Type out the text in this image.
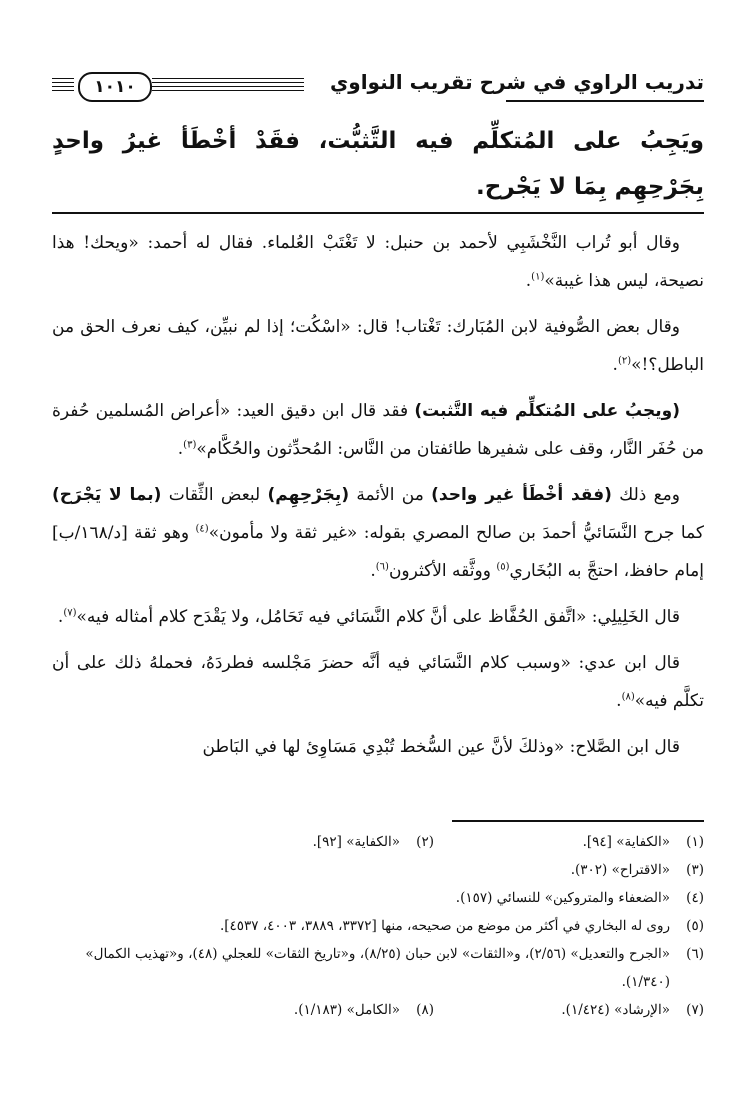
تدريب الراوي في شرح تقريب النواوي
١٠١٠
ويَجِبُ على المُتكلِّم فيه التَّثبُّت، فقَدْ أخْطَأ غيرُ واحدٍ بِجَرْحِهِم بِمَا لا يَجْرح.

وقال أبو تُراب النَّخْشَبِي لأحمد بن حنبل: لا تَغْتَبْ العُلماء. فقال له أحمد: «ويحك! هذا نصيحة، ليس هذا غيبة»$^{(١)}$.

وقال بعض الصُّوفية لابن المُبَارك: تَغْتاب! قال: «اسْكُت؛ إذا لم نبيِّن، كيف نعرف الحق من الباطل؟!»$^{(٢)}$.

(ويجبُ على المُتكلِّم فيه التَّثبت) فقد قال ابن دقيق العيد: «أعراض المُسلمين حُفرة من حُفَر النَّار، وقف على شفيرها طائفتان من النَّاس: المُحدِّثون والحُكَّام»$^{(٣)}$.

ومع ذلك (فقد أخْطَأ غير واحد) من الأئمة (بِجَرْحِهِم) لبعض الثِّقات (بما لا يَجْرَح) كما جرح النَّسَائيُّ أحمدَ بن صالح المصري بقوله: «غير ثقة ولا مأمون»$^{(٤)}$ وهو ثقة [د/١٦٨/ب] إمام حافظ، احتجَّ به البُخَاري$^{(٥)}$ ووثَّقه الأكثرون$^{(٦)}$.

قال الخَلِيلِي: «اتَّفق الحُفَّاظ على أنَّ كلام النَّسَائي فيه تَحَامُل، ولا يَقْدَح كلام أمثاله فيه»$^{(٧)}$.

قال ابن عدي: «وسبب كلام النَّسَائي فيه أنَّه حضرَ مَجْلسه فطردَهُ، فحملهُ ذلك على أن تكلَّم فيه»$^{(٨)}$.

قال ابن الصَّلاح: «وذلكَ لأنَّ عين السُّخط تُبْدِي مَسَاوِئ لها في البَاطن

(١)
«الكفاية» [٩٤].
(٢)
«الكفاية» [٩٢].
(٣)
«الاقتراح» (٣٠٢).
(٤)
«الضعفاء والمتروكين» للنسائي (١٥٧).
(٥)
روى له البخاري في أكثر من موضع من صحيحه، منها [٣٣٧٢، ٣٨٨٩، ٤٠٠٣، ٤٥٣٧].
(٦)
«الجرح والتعديل» (٢/٥٦)، و«الثقات» لابن حبان (٨/٢٥)، و«تاريخ الثقات» للعجلي (٤٨)، و«تهذيب الكمال» (١/٣٤٠).
(٧)
«الإرشاد» (١/٤٢٤).
(٨)
«الكامل» (١/١٨٣).
